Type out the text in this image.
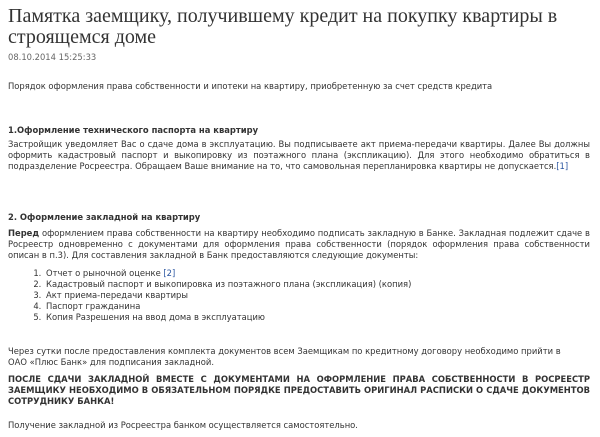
Памятка заемщику, получившему кредит на покупку квартиры в строящемся доме
08.10.2014 15:25:33

Порядок оформления права собственности и ипотеки на квартиру, приобретенную за счет средств кредита

1.Оформление технического паспорта на квартиру

Застройщик уведомляет Вас о сдаче дома в эксплуатацию. Вы подписываете акт приема-передачи квартиры. Далее Вы должны оформить кадастровый паспорт и выкопировку из поэтажного плана (экспликацию). Для этого необходимо обратиться в подразделение Росреестра. Обращаем Ваше внимание на то, что самовольная перепланировка квартиры не допускается.[1]

2. Оформление закладной на квартиру

Перед оформлением права собственности на квартиру необходимо подписать закладную в Банке. Закладная подлежит сдаче в Росреестр одновременно с документами для оформления права собственности (порядок оформления права собственности описан в п.3). Для составления закладной в Банк предоставляются следующие документы:

1. Отчет о рыночной оценке [2]
2. Кадастровый паспорт и выкопировка из поэтажного плана (экспликация) (копия)
3. Акт приема-передачи квартиры
4. Паспорт гражданина
5. Копия Разрешения на ввод дома в эксплуатацию

Через сутки после предоставления комплекта документов всем Заемщикам по кредитному договору необходимо прийти в ОАО «Плюс Банк» для подписания закладной.

ПОСЛЕ СДАЧИ ЗАКЛАДНОЙ ВМЕСТЕ С ДОКУМЕНТАМИ НА ОФОРМЛЕНИЕ ПРАВА СОБСТВЕННОСТИ В РОСРЕЕСТР ЗАЕМЩИКУ НЕОБХОДИМО В ОБЯЗАТЕЛЬНОМ ПОРЯДКЕ ПРЕДОСТАВИТЬ ОРИГИНАЛ РАСПИСКИ О СДАЧЕ ДОКУМЕНТОВ СОТРУДНИКУ БАНКА!

Получение закладной из Росреестра банком осуществляется самостоятельно.
